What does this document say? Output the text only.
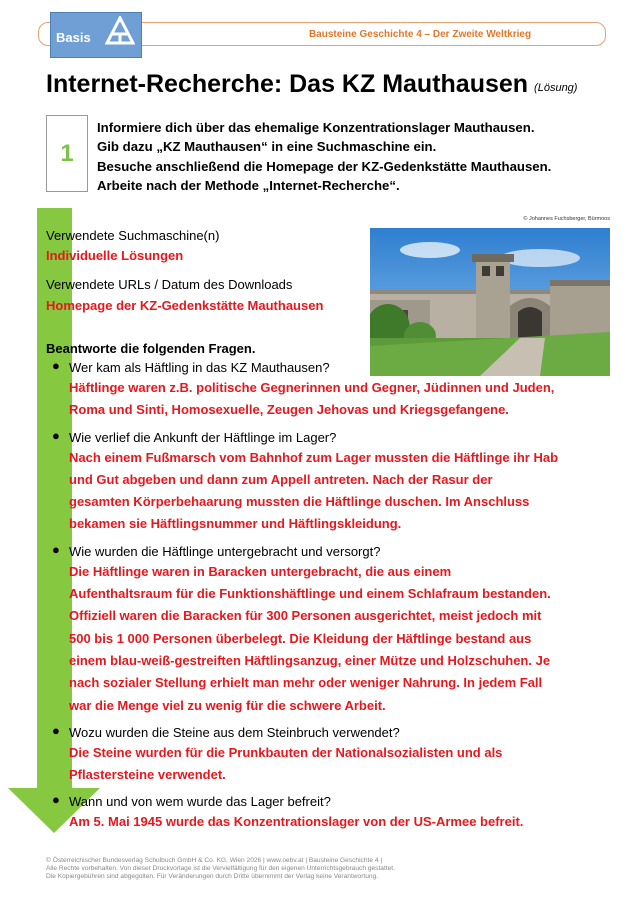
Bausteine Geschichte 4 – Der Zweite Weltkrieg
Basis
Internet-Recherche: Das KZ Mauthausen (Lösung)
1
Informiere dich über das ehemalige Konzentrationslager Mauthausen.
Gib dazu „KZ Mauthausen“ in eine Suchmaschine ein.
Besuche anschließend die Homepage der KZ-Gedenkstätte Mauthausen.
Arbeite nach der Methode „Internet-Recherche“.
© Johannes Fuchsberger, Bürmoos
Verwendete Suchmaschine(n)
Individuelle Lösungen
Verwendete URLs / Datum des Downloads
Homepage der KZ-Gedenkstätte Mauthausen
Beantworte die folgenden Fragen.
● Wer kam als Häftling in das KZ Mauthausen?
Häftlinge waren z.B. politische Gegnerinnen und Gegner, Jüdinnen und Juden,
Roma und Sinti, Homosexuelle, Zeugen Jehovas und Kriegsgefangene.
● Wie verlief die Ankunft der Häftlinge im Lager?
Nach einem Fußmarsch vom Bahnhof zum Lager mussten die Häftlinge ihr Hab
und Gut abgeben und dann zum Appell antreten. Nach der Rasur der
gesamten Körperbehaarung mussten die Häftlinge duschen. Im Anschluss
bekamen sie Häftlingsnummer und Häftlingskleidung.
● Wie wurden die Häftlinge untergebracht und versorgt?
Die Häftlinge waren in Baracken untergebracht, die aus einem
Aufenthaltsraum für die Funktionshäftlinge und einem Schlafraum bestanden.
Offiziell waren die Baracken für 300 Personen ausgerichtet, meist jedoch mit
500 bis 1 000 Personen überbelegt. Die Kleidung der Häftlinge bestand aus
einem blau-weiß-gestreiften Häftlingsanzug, einer Mütze und Holzschuhen. Je
nach sozialer Stellung erhielt man mehr oder weniger Nahrung. In jedem Fall
war die Menge viel zu wenig für die schwere Arbeit.
● Wozu wurden die Steine aus dem Steinbruch verwendet?
Die Steine wurden für die Prunkbauten der Nationalsozialisten und als
Pflastersteine verwendet.
● Wann und von wem wurde das Lager befreit?
Am 5. Mai 1945 wurde das Konzentrationslager von der US-Armee befreit.
© Österreichischer Bundesverlag Schulbuch GmbH & Co. KG, Wien 2026 | www.oebv.at | Bausteine Geschichte 4 |
Alle Rechte vorbehalten. Von dieser Druckvorlage ist die Vervielfältigung für den eigenen Unterrichtsgebrauch gestattet.
Die Kopiergebühren sind abgegolten. Für Veränderungen durch Dritte übernimmt der Verlag keine Verantwortung.
